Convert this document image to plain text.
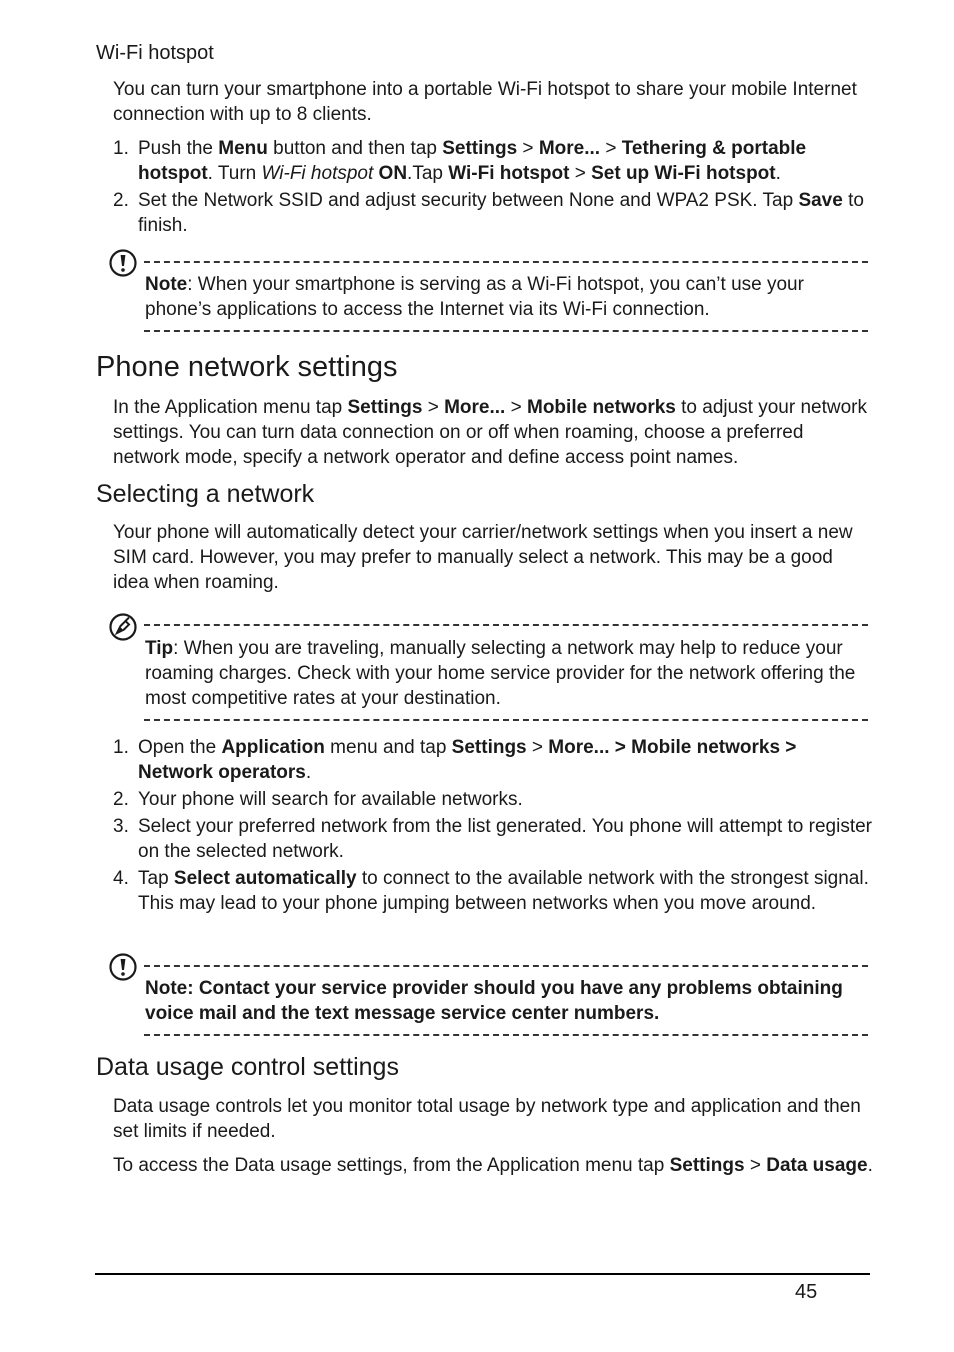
Wi-Fi hotspot
You can turn your smartphone into a portable Wi-Fi hotspot to share your mobile Internet connection with up to 8 clients.
1. Push the Menu button and then tap Settings > More... > Tethering & portable hotspot. Turn Wi-Fi hotspot ON.Tap Wi-Fi hotspot > Set up Wi-Fi hotspot.
2. Set the Network SSID and adjust security between None and WPA2 PSK. Tap Save to finish.
Note: When your smartphone is serving as a Wi-Fi hotspot, you can’t use your phone’s applications to access the Internet via its Wi-Fi connection.
Phone network settings
In the Application menu tap Settings > More... > Mobile networks to adjust your network settings. You can turn data connection on or off when roaming, choose a preferred network mode, specify a network operator and define access point names.
Selecting a network
Your phone will automatically detect your carrier/network settings when you insert a new SIM card. However, you may prefer to manually select a network. This may be a good idea when roaming.
Tip: When you are traveling, manually selecting a network may help to reduce your roaming charges. Check with your home service provider for the network offering the most competitive rates at your destination.
1. Open the Application menu and tap Settings > More... > Mobile networks > Network operators.
2. Your phone will search for available networks.
3. Select your preferred network from the list generated. You phone will attempt to register on the selected network.
4. Tap Select automatically to connect to the available network with the strongest signal. This may lead to your phone jumping between networks when you move around.
Note: Contact your service provider should you have any problems obtaining voice mail and the text message service center numbers.
Data usage control settings
Data usage controls let you monitor total usage by network type and application and then set limits if needed.
To access the Data usage settings, from the Application menu tap Settings > Data usage.
45
